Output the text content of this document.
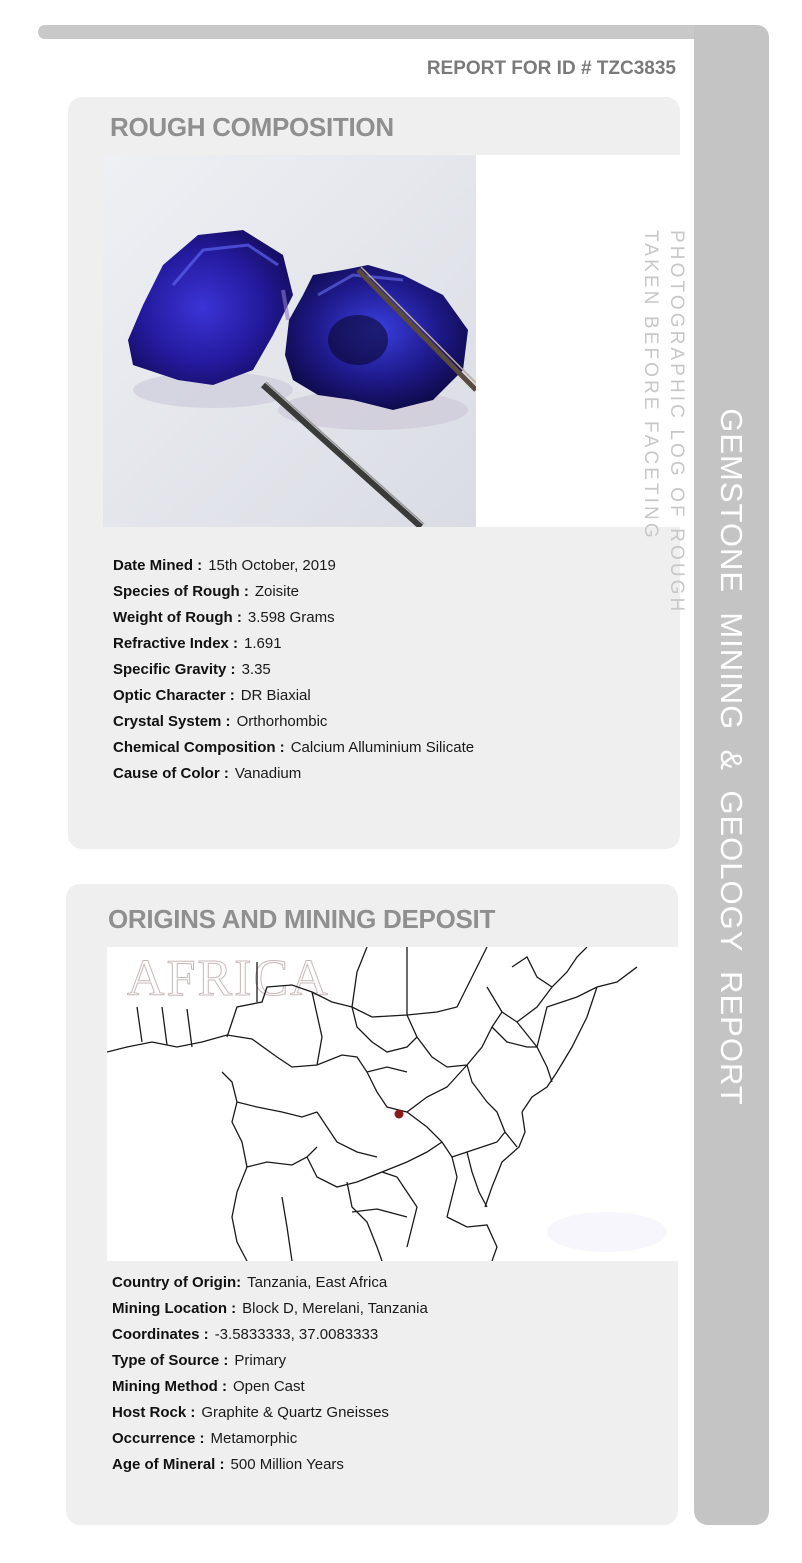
GEMSTONE  MINING  &  GEOLOGY  REPORT
REPORT FOR ID # TZC3835
ROUGH COMPOSITION
PHOTOGRAPHIC LOG OF ROUGH
TAKEN BEFORE FACETING
Date Mined : 15th October, 2019
Species of Rough : Zoisite
Weight of Rough : 3.598 Grams
Refractive Index : 1.691
Specific Gravity : 3.35
Optic Character : DR Biaxial
Crystal System : Orthorhombic
Chemical Composition : Calcium Alluminium Silicate
Cause of Color : Vanadium
ORIGINS AND MINING DEPOSIT
AFRICA
Country of Origin: Tanzania, East Africa
Mining Location : Block D, Merelani, Tanzania
Coordinates : -3.5833333, 37.0083333
Type of Source : Primary
Mining Method : Open Cast
Host Rock : Graphite & Quartz Gneisses
Occurrence : Metamorphic
Age of Mineral : 500 Million Years
